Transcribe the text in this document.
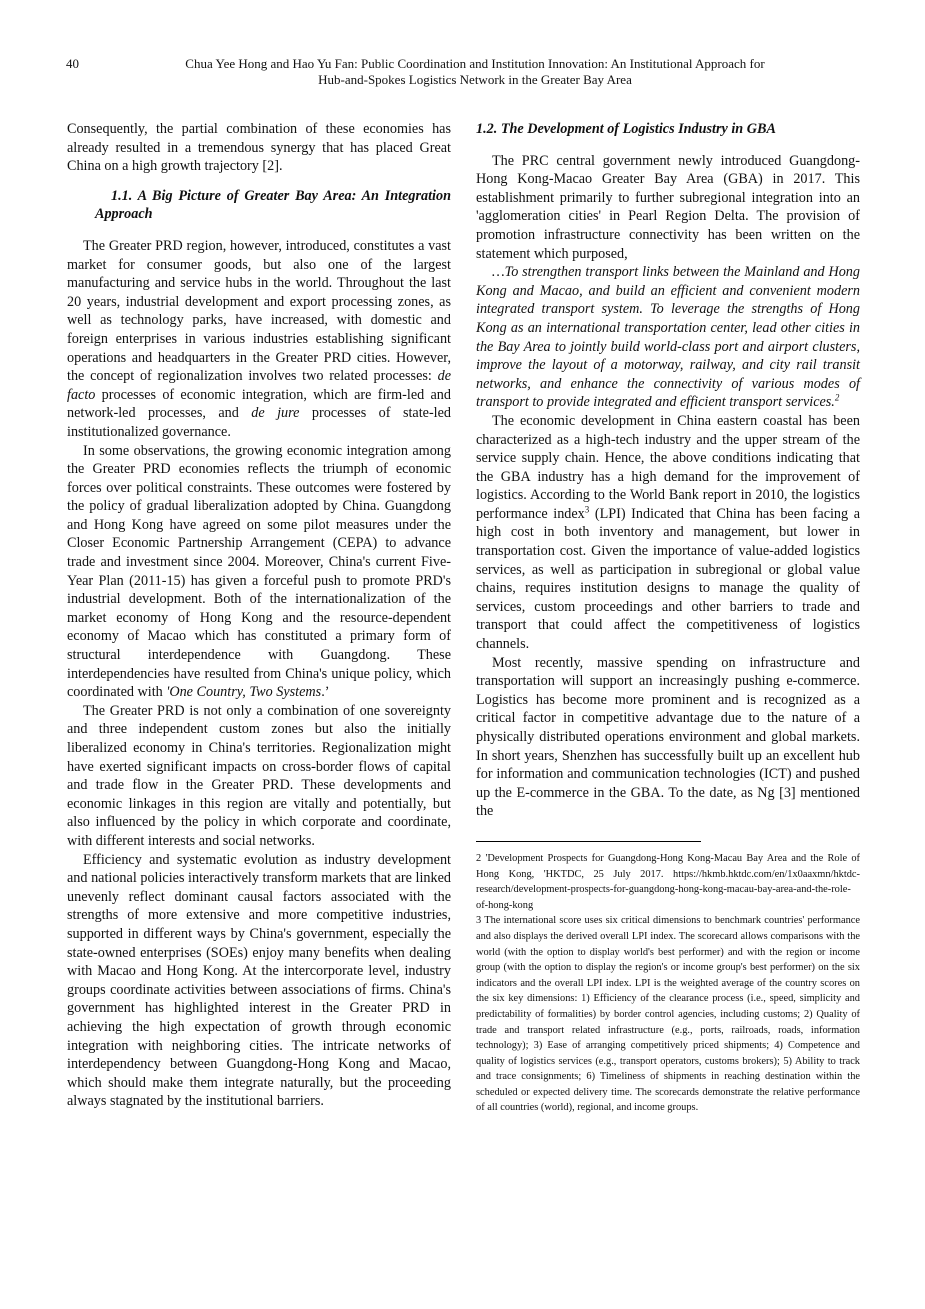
40	Chua Yee Hong and Hao Yu Fan: Public Coordination and Institution Innovation: An Institutional Approach for
Hub-and-Spokes Logistics Network in the Greater Bay Area

Consequently, the partial combination of these economies has already resulted in a tremendous synergy that has placed Great China on a high growth trajectory [2].

1.1. A Big Picture of Greater Bay Area: An Integration Approach

The Greater PRD region, however, introduced, constitutes a vast market for consumer goods, but also one of the largest manufacturing and service hubs in the world. Throughout the last 20 years, industrial development and export processing zones, as well as technology parks, have increased, with domestic and foreign enterprises in various industries establishing significant operations and headquarters in the Greater PRD cities. However, the concept of regionalization involves two related processes: de facto processes of economic integration, which are firm-led and network-led processes, and de jure processes of state-led institutionalized governance.

In some observations, the growing economic integration among the Greater PRD economies reflects the triumph of economic forces over political constraints. These outcomes were fostered by the policy of gradual liberalization adopted by China. Guangdong and Hong Kong have agreed on some pilot measures under the Closer Economic Partnership Arrangement (CEPA) to advance trade and investment since 2004. Moreover, China's current Five-Year Plan (2011-15) has given a forceful push to promote PRD's industrial development. Both of the internationalization of the market economy of Hong Kong and the resource-dependent economy of Macao which has constituted a primary form of structural interdependence with Guangdong. These interdependencies have resulted from China's unique policy, which coordinated with 'One Country, Two Systems.’

The Greater PRD is not only a combination of one sovereignty and three independent custom zones but also the initially liberalized economy in China's territories. Regionalization might have exerted significant impacts on cross-border flows of capital and trade flow in the Greater PRD. These developments and economic linkages in this region are vitally and potentially, but also influenced by the policy in which corporate and coordinate, with different interests and social networks.

Efficiency and systematic evolution as industry development and national policies interactively transform markets that are linked unevenly reflect dominant causal factors associated with the strengths of more extensive and more competitive industries, supported in different ways by China's government, especially the state-owned enterprises (SOEs) enjoy many benefits when dealing with Macao and Hong Kong. At the intercorporate level, industry groups coordinate activities between associations of firms. China's government has highlighted interest in the Greater PRD in achieving the high expectation of growth through economic integration with neighboring cities. The intricate networks of interdependency between Guangdong-Hong Kong and Macao, which should make them integrate naturally, but the proceeding always stagnated by the institutional barriers.

1.2. The Development of Logistics Industry in GBA

The PRC central government newly introduced Guangdong-Hong Kong-Macao Greater Bay Area (GBA) in 2017. This establishment primarily to further subregional integration into an 'agglomeration cities' in Pearl Region Delta. The provision of promotion infrastructure connectivity has been written on the statement which purposed,

…To strengthen transport links between the Mainland and Hong Kong and Macao, and build an efficient and convenient modern integrated transport system. To leverage the strengths of Hong Kong as an international transportation center, lead other cities in the Bay Area to jointly build world-class port and airport clusters, improve the layout of a motorway, railway, and city rail transit networks, and enhance the connectivity of various modes of transport to provide integrated and efficient transport services.$^2$

The economic development in China eastern coastal has been characterized as a high-tech industry and the upper stream of the service supply chain. Hence, the above conditions indicating that the GBA industry has a high demand for the improvement of logistics. According to the World Bank report in 2010, the logistics performance index$^3$ (LPI) Indicated that China has been facing a high cost in both inventory and management, but lower in transportation cost. Given the importance of value-added logistics services, as well as participation in subregional or global value chains, requires institution designs to manage the quality of services, custom proceedings and other barriers to trade and transport that could affect the competitiveness of logistics channels.

Most recently, massive spending on infrastructure and transportation will support an increasingly pushing e-commerce. Logistics has become more prominent and is recognized as a critical factor in competitive advantage due to the nature of a physically distributed operations environment and global markets. In short years, Shenzhen has successfully built up an excellent hub for information and communication technologies (ICT) and pushed up the E-commerce in the GBA. To the date, as Ng [3] mentioned the

2 'Development Prospects for Guangdong-Hong Kong-Macau Bay Area and the Role of Hong Kong, 'HKTDC, 25 July 2017. https://hkmb.hktdc.com/en/1x0aaxmn/hktdc-research/development-prospects-for-guangdong-hong-kong-macau-bay-area-and-the-role-of-hong-kong

3 The international score uses six critical dimensions to benchmark countries' performance and also displays the derived overall LPI index. The scorecard allows comparisons with the world (with the option to display world's best performer) and with the region or income group (with the option to display the region's or income group's best performer) on the six indicators and the overall LPI index. LPI is the weighted average of the country scores on the six key dimensions: 1) Efficiency of the clearance process (i.e., speed, simplicity and predictability of formalities) by border control agencies, including customs; 2) Quality of trade and transport related infrastructure (e.g., ports, railroads, roads, information technology); 3) Ease of arranging competitively priced shipments; 4) Competence and quality of logistics services (e.g., transport operators, customs brokers); 5) Ability to track and trace consignments; 6) Timeliness of shipments in reaching destination within the scheduled or expected delivery time. The scorecards demonstrate the relative performance of all countries (world), regional, and income groups.
